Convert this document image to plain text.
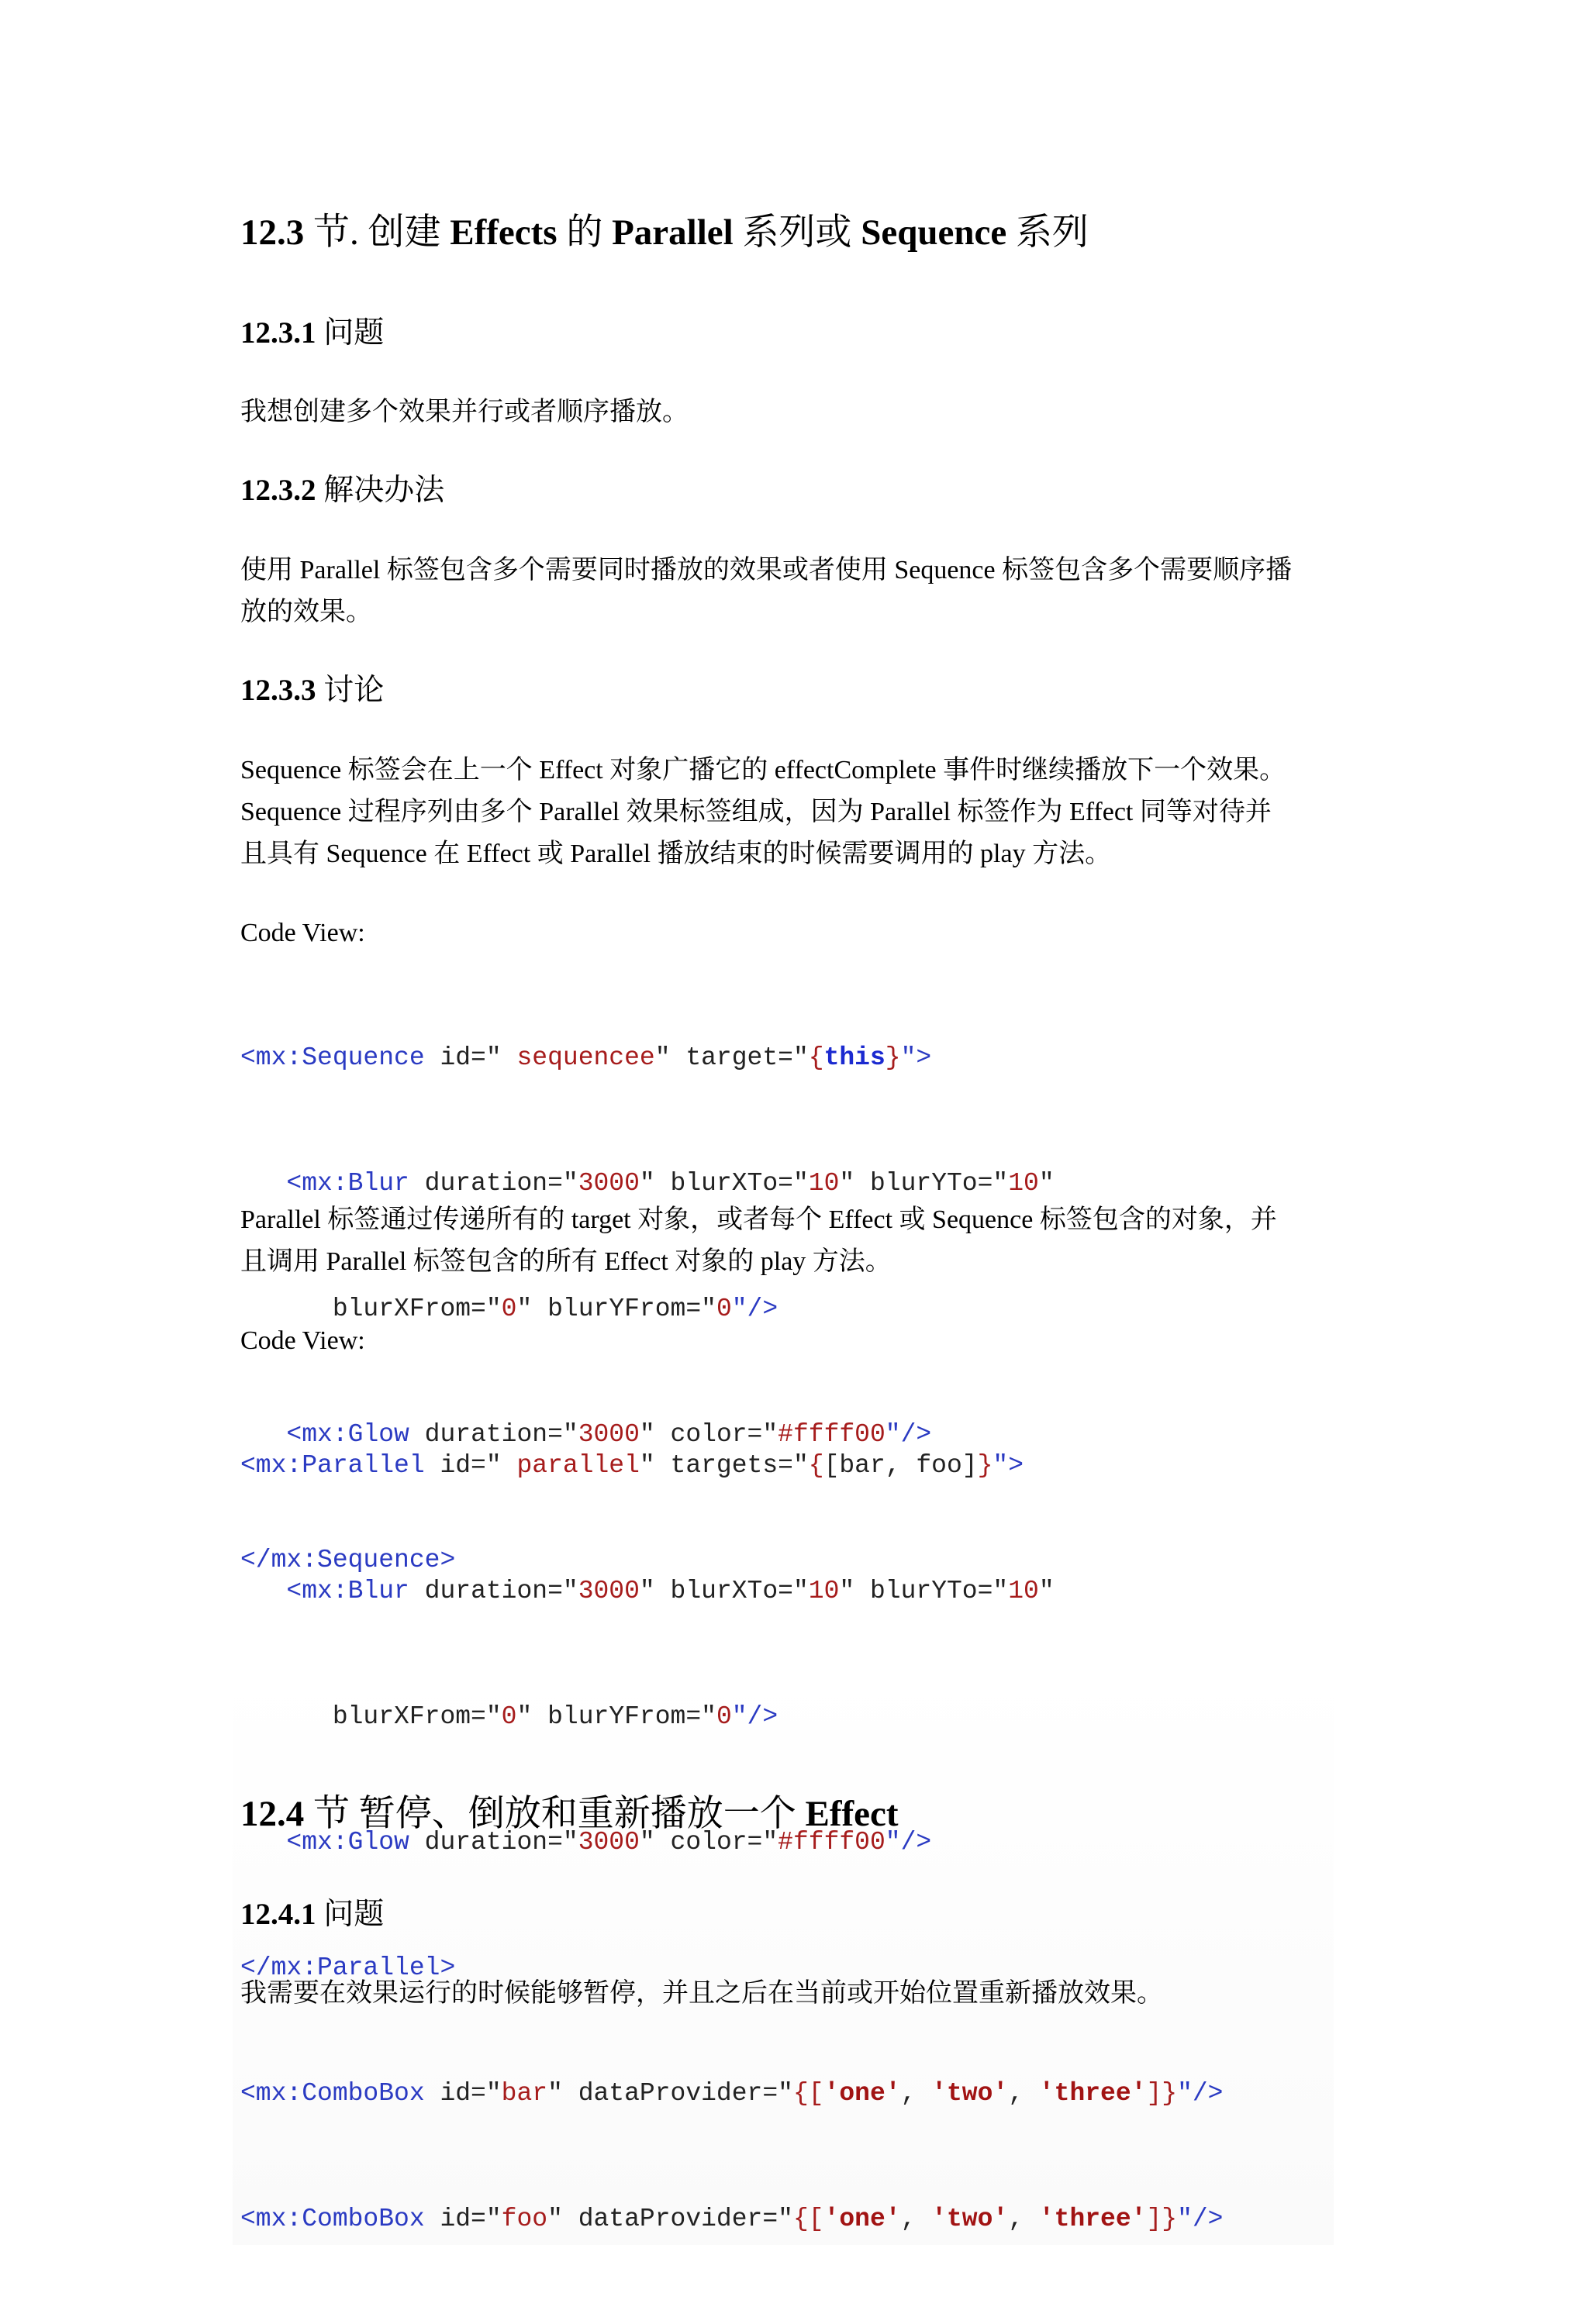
12.3 节. 创建 Effects 的 Parallel 系列或 Sequence 系列
12.3.1 问题
我想创建多个效果并行或者顺序播放。
12.3.2 解决办法
使用 Parallel 标签包含多个需要同时播放的效果或者使用 Sequence 标签包含多个需要顺序播
放的效果。
12.3.3 讨论
Sequence 标签会在上一个 Effect 对象广播它的 effectComplete 事件时继续播放下一个效果。
Sequence 过程序列由多个 Parallel 效果标签组成，因为 Parallel 标签作为 Effect 同等对待并
且具有 Sequence 在 Effect 或 Parallel 播放结束的时候需要调用的 play 方法。
Code View:

<mx:Sequence id=" sequencee" target="{this}">

<mx:Blur duration="3000" blurXTo="10" blurYTo="10"

blurXFrom="0" blurYFrom="0"/>

<mx:Glow duration="3000" color="#ffff00"/>

</mx:Sequence>

Parallel 标签通过传递所有的 target 对象，或者每个 Effect 或 Sequence 标签包含的对象，并
且调用 Parallel 标签包含的所有 Effect 对象的 play 方法。
Code View:

<mx:Parallel id=" parallel" targets="{[bar, foo]}">

<mx:Blur duration="3000" blurXTo="10" blurYTo="10"

blurXFrom="0" blurYFrom="0"/>

<mx:Glow duration="3000" color="#ffff00"/>

</mx:Parallel>

<mx:ComboBox id="bar" dataProvider="{['one', 'two', 'three']}"/>

<mx:ComboBox id="foo" dataProvider="{['one', 'two', 'three']}"/>

12.4 节 暂停、倒放和重新播放一个 Effect
12.4.1 问题
我需要在效果运行的时候能够暂停，并且之后在当前或开始位置重新播放效果。
